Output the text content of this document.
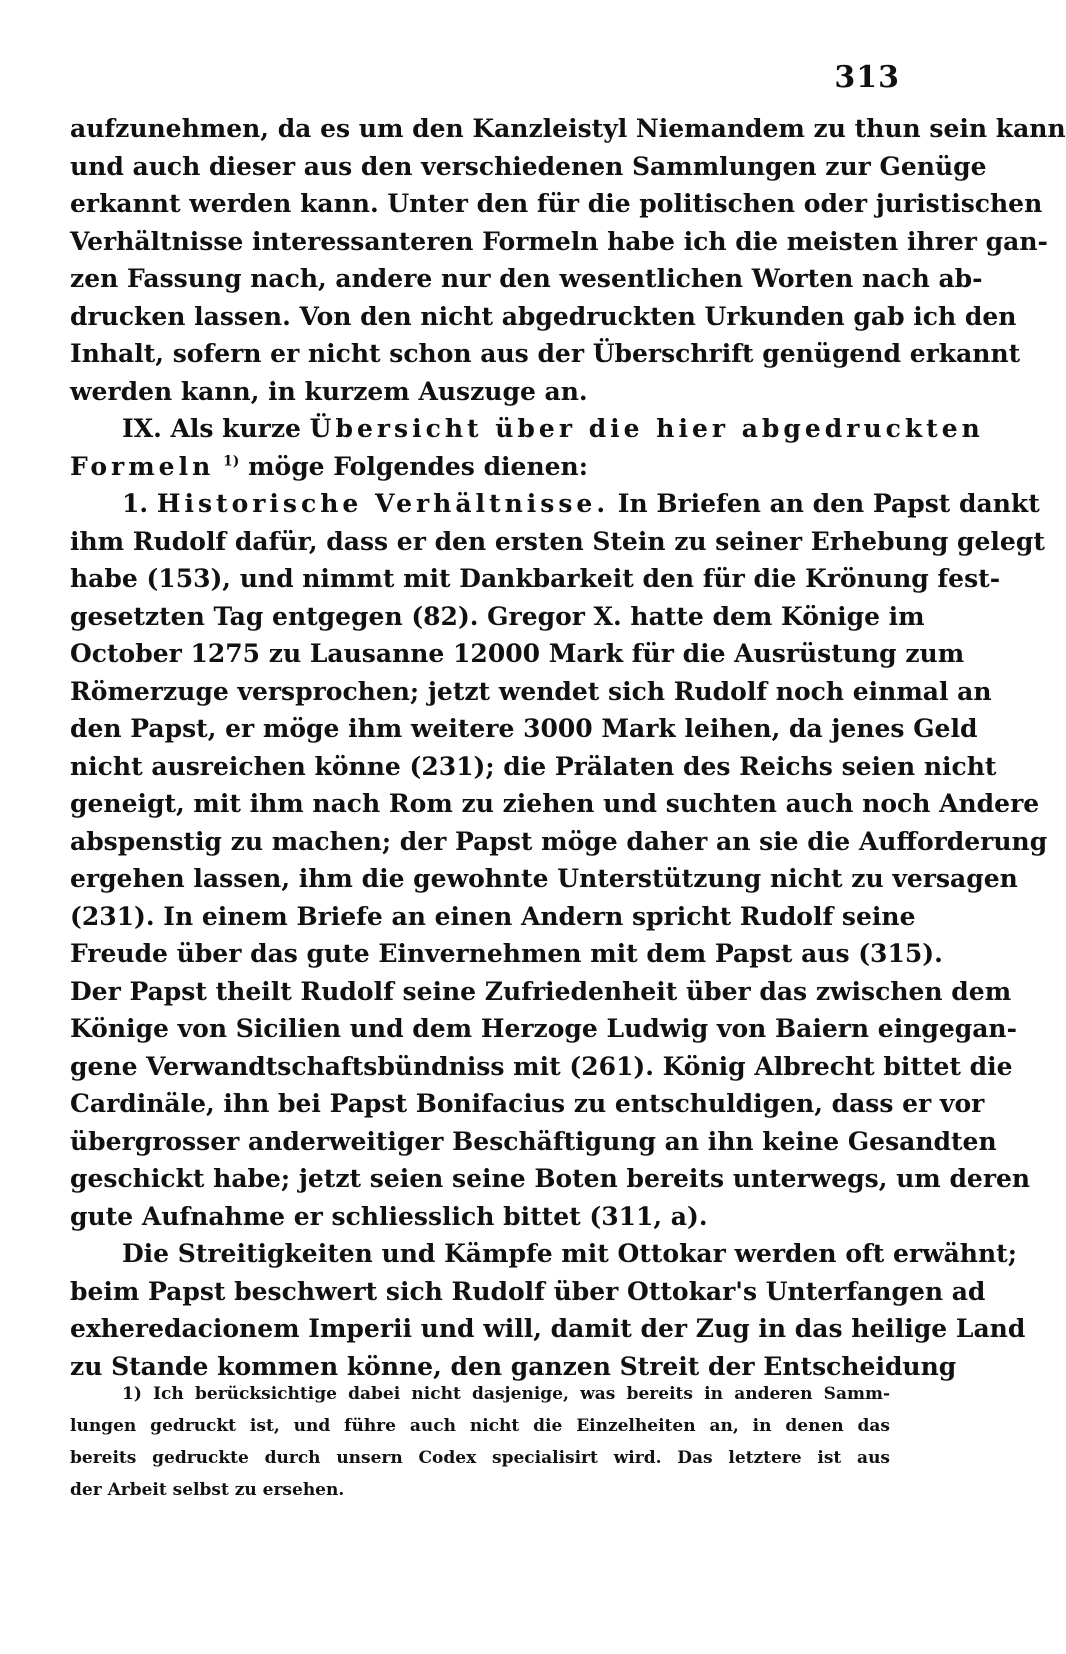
313
aufzunehmen, da es um den Kanzleistyl Niemandem zu thun sein kann
und auch dieser aus den verschiedenen Sammlungen zur Genüge
erkannt werden kann. Unter den für die politischen oder juristischen
Verhältnisse interessanteren Formeln habe ich die meisten ihrer gan-
zen Fassung nach, andere nur den wesentlichen Worten nach ab-
drucken lassen. Von den nicht abgedruckten Urkunden gab ich den
Inhalt, sofern er nicht schon aus der Überschrift genügend erkannt
werden kann, in kurzem Auszuge an.
IX. Als kurze Übersicht über die hier abgedruckten
Formeln $^{1)}$ möge Folgendes dienen:
1. Historische Verhältnisse. In Briefen an den Papst dankt
ihm Rudolf dafür, dass er den ersten Stein zu seiner Erhebung gelegt
habe (153), und nimmt mit Dankbarkeit den für die Krönung fest-
gesetzten Tag entgegen (82). Gregor X. hatte dem Könige im
October 1275 zu Lausanne 12000 Mark für die Ausrüstung zum
Römerzuge versprochen; jetzt wendet sich Rudolf noch einmal an
den Papst, er möge ihm weitere 3000 Mark leihen, da jenes Geld
nicht ausreichen könne (231); die Prälaten des Reichs seien nicht
geneigt, mit ihm nach Rom zu ziehen und suchten auch noch Andere
abspenstig zu machen; der Papst möge daher an sie die Aufforderung
ergehen lassen, ihm die gewohnte Unterstützung nicht zu versagen
(231). In einem Briefe an einen Andern spricht Rudolf seine
Freude über das gute Einvernehmen mit dem Papst aus (315).
Der Papst theilt Rudolf seine Zufriedenheit über das zwischen dem
Könige von Sicilien und dem Herzoge Ludwig von Baiern eingegan-
gene Verwandtschaftsbündniss mit (261). König Albrecht bittet die
Cardinäle, ihn bei Papst Bonifacius zu entschuldigen, dass er vor
übergrosser anderweitiger Beschäftigung an ihn keine Gesandten
geschickt habe; jetzt seien seine Boten bereits unterwegs, um deren
gute Aufnahme er schliesslich bittet (311, a).
Die Streitigkeiten und Kämpfe mit Ottokar werden oft erwähnt;
beim Papst beschwert sich Rudolf über Ottokar's Unterfangen ad
exheredacionem Imperii und will, damit der Zug in das heilige Land
zu Stande kommen könne, den ganzen Streit der Entscheidung
1) Ich berücksichtige dabei nicht dasjenige, was bereits in anderen Samm-
lungen gedruckt ist, und führe auch nicht die Einzelheiten an, in denen das
bereits gedruckte durch unsern Codex specialisirt wird. Das letztere ist aus
der Arbeit selbst zu ersehen.
